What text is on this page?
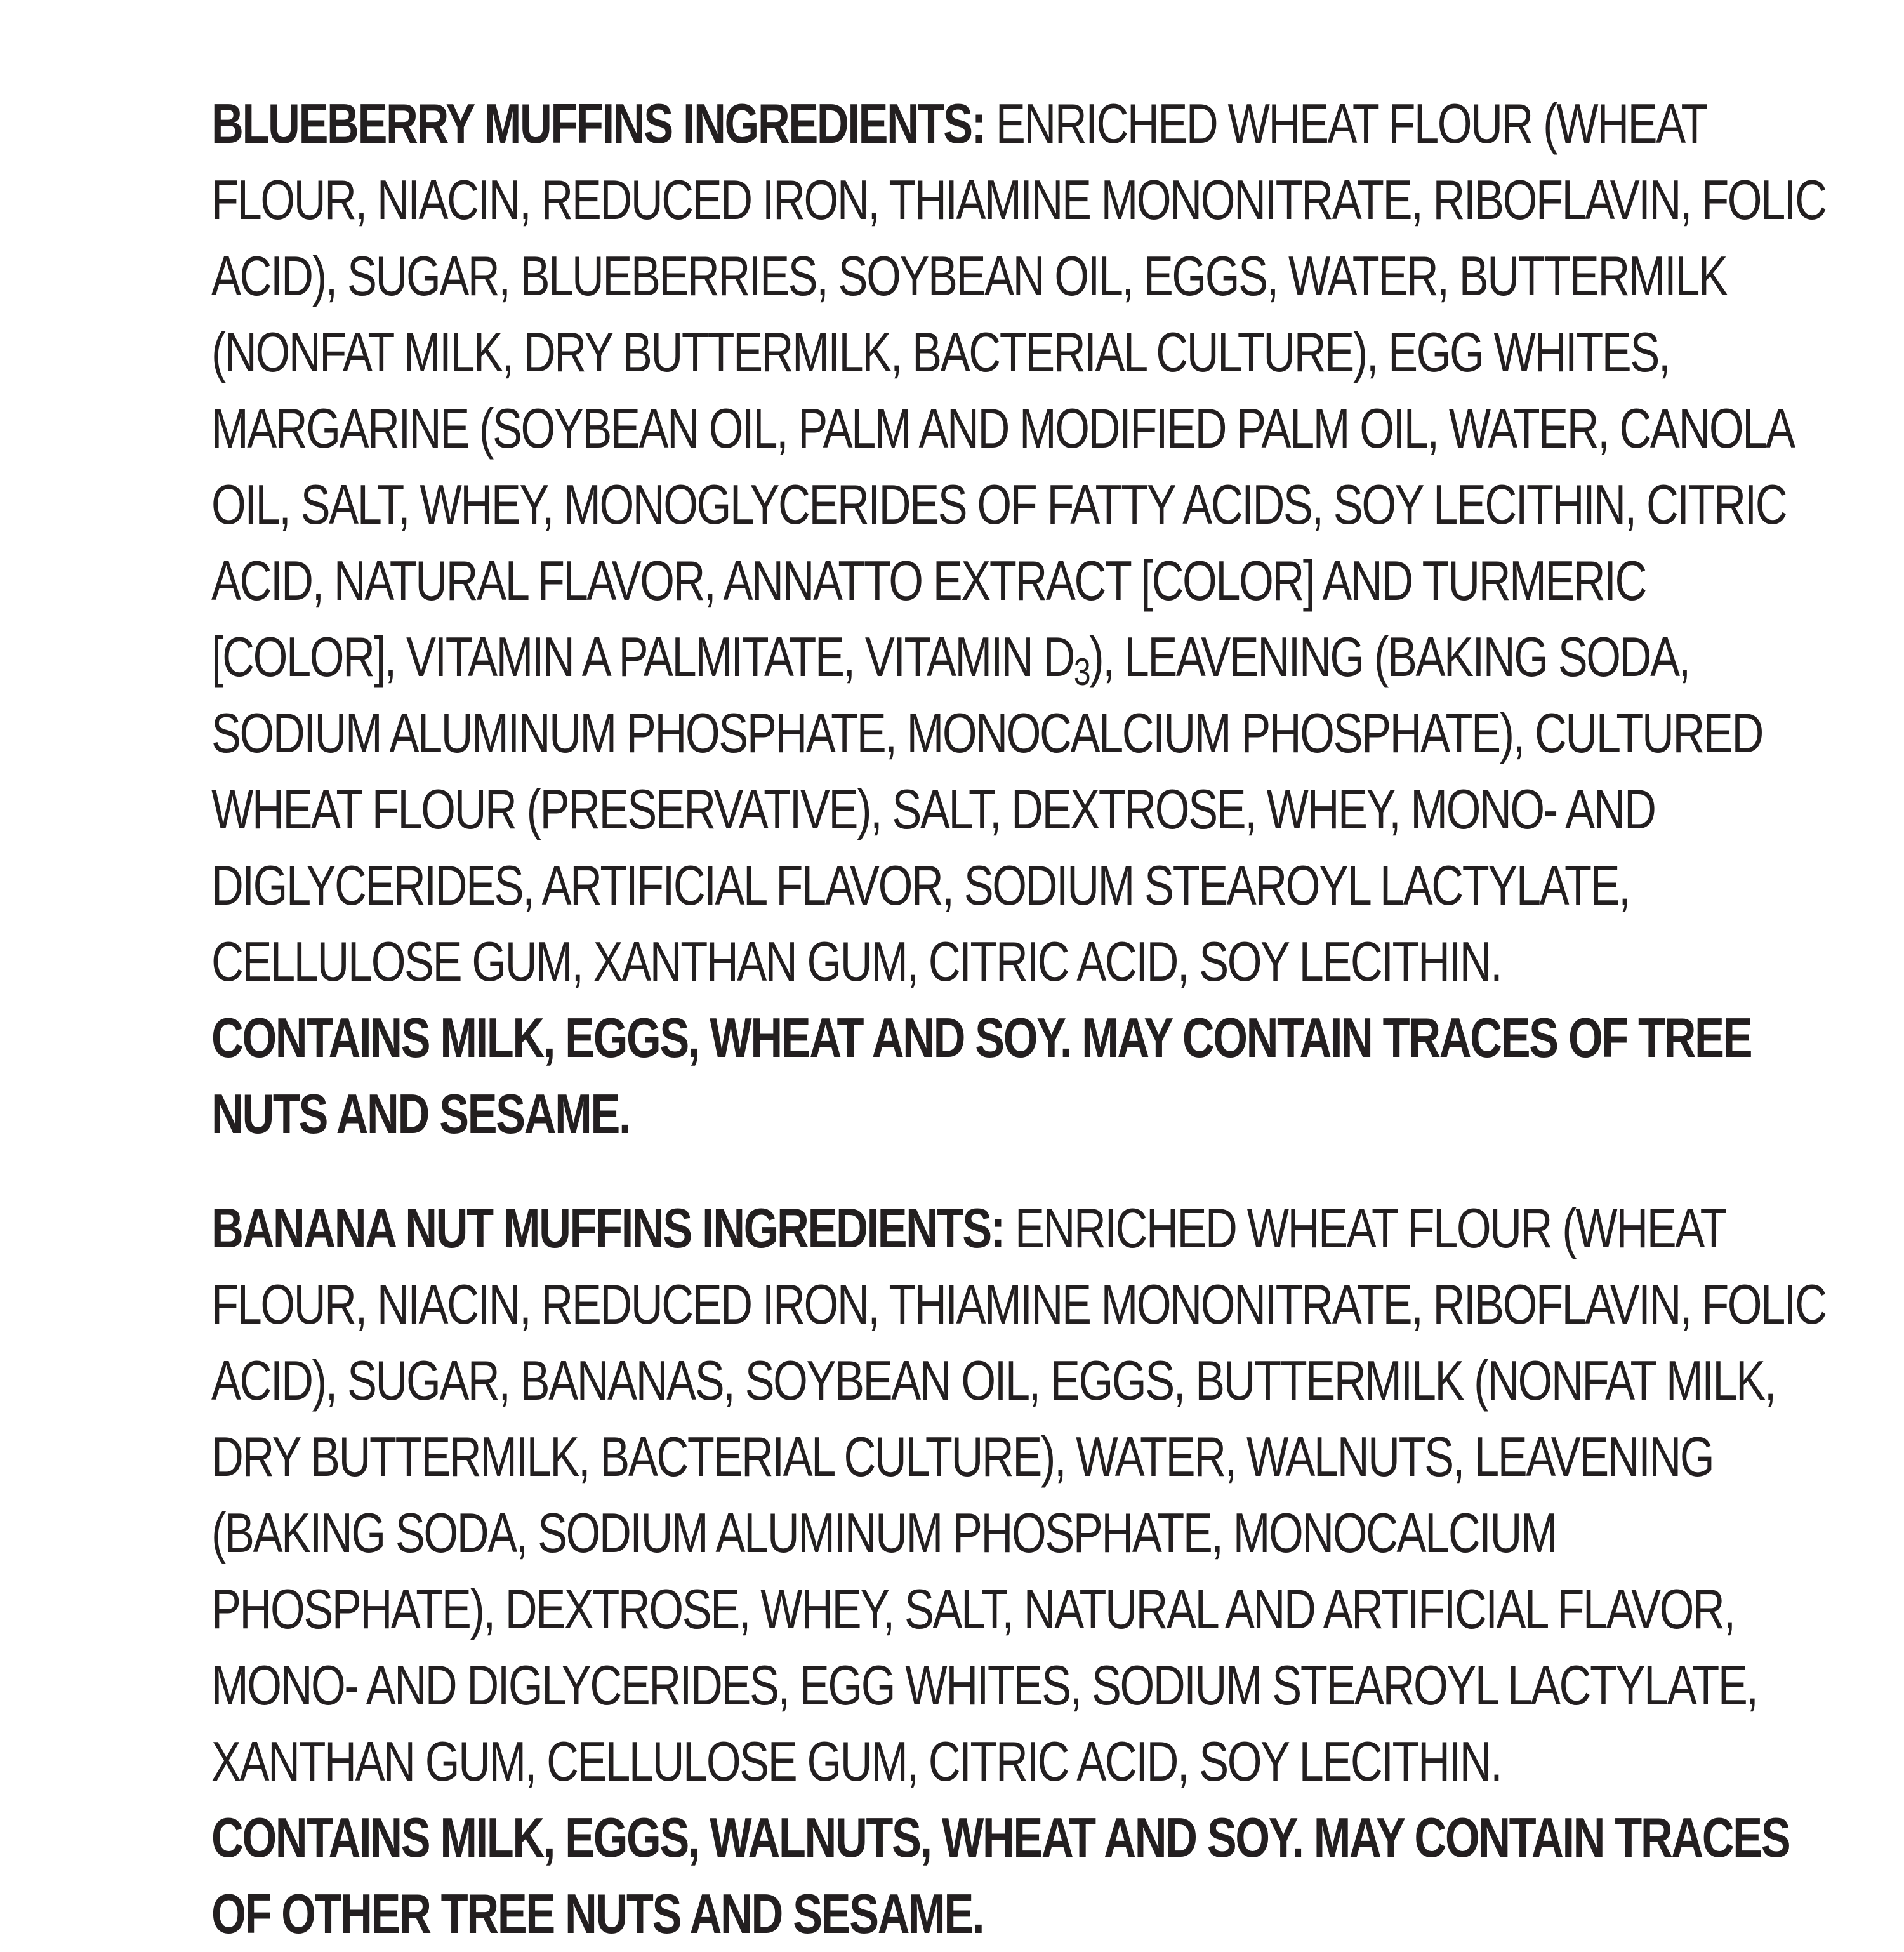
BLUEBERRY MUFFINS INGREDIENTS: ENRICHED WHEAT FLOUR (WHEAT
FLOUR, NIACIN, REDUCED IRON, THIAMINE MONONITRATE, RIBOFLAVIN, FOLIC
ACID), SUGAR, BLUEBERRIES, SOYBEAN OIL, EGGS, WATER, BUTTERMILK
(NONFAT MILK, DRY BUTTERMILK, BACTERIAL CULTURE), EGG WHITES,
MARGARINE (SOYBEAN OIL, PALM AND MODIFIED PALM OIL, WATER, CANOLA
OIL, SALT, WHEY, MONOGLYCERIDES OF FATTY ACIDS, SOY LECITHIN, CITRIC
ACID, NATURAL FLAVOR, ANNATTO EXTRACT [COLOR] AND TURMERIC
[COLOR], VITAMIN A PALMITATE, VITAMIN $D_3$), LEAVENING (BAKING SODA,
SODIUM ALUMINUM PHOSPHATE, MONOCALCIUM PHOSPHATE), CULTURED
WHEAT FLOUR (PRESERVATIVE), SALT, DEXTROSE, WHEY, MONO- AND
DIGLYCERIDES, ARTIFICIAL FLAVOR, SODIUM STEAROYL LACTYLATE,
CELLULOSE GUM, XANTHAN GUM, CITRIC ACID, SOY LECITHIN.
CONTAINS MILK, EGGS, WHEAT AND SOY. MAY CONTAIN TRACES OF TREE
NUTS AND SESAME.
BANANA NUT MUFFINS INGREDIENTS: ENRICHED WHEAT FLOUR (WHEAT
FLOUR, NIACIN, REDUCED IRON, THIAMINE MONONITRATE, RIBOFLAVIN, FOLIC
ACID), SUGAR, BANANAS, SOYBEAN OIL, EGGS, BUTTERMILK (NONFAT MILK,
DRY BUTTERMILK, BACTERIAL CULTURE), WATER, WALNUTS, LEAVENING
(BAKING SODA, SODIUM ALUMINUM PHOSPHATE, MONOCALCIUM
PHOSPHATE), DEXTROSE, WHEY, SALT, NATURAL AND ARTIFICIAL FLAVOR,
MONO- AND DIGLYCERIDES, EGG WHITES, SODIUM STEAROYL LACTYLATE,
XANTHAN GUM, CELLULOSE GUM, CITRIC ACID, SOY LECITHIN.
CONTAINS MILK, EGGS, WALNUTS, WHEAT AND SOY. MAY CONTAIN TRACES
OF OTHER TREE NUTS AND SESAME.
